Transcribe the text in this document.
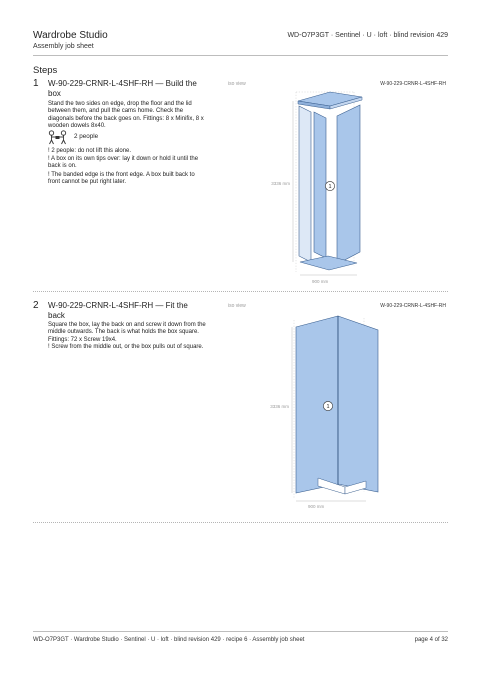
Wardrobe Studio
Assembly job sheet
WD-O7P3GT · Sentinel · U · loft · blind revision 429
Steps
1 W-90-229-CRNR-L-4SHF-RH — Build the box
Stand the two sides on edge, drop the floor and the lid between them, and pull the cams home. Check the diagonals before the back goes on. Fittings: 8 x Minifix, 8 x wooden dowels 8x40.
2 people
! 2 people: do not lift this alone.
! A box on its own tips over: lay it down or hold it until the back is on.
! The banded edge is the front edge. A box built back to front cannot be put right later.
iso view	W-90-229-CRNR-L-4SHF-RH
3336 mm
900 mm
1
2 W-90-229-CRNR-L-4SHF-RH — Fit the back
Square the box, lay the back on and screw it down from the middle outwards. The back is what holds the box square. Fittings: 72 x Screw 19x4.
! Screw from the middle out, or the box pulls out of square.
iso view	W-90-229-CRNR-L-4SHF-RH
3336 mm
900 mm
1
WD-O7P3GT · Wardrobe Studio · Sentinel · U · loft · blind revision 429 · recipe 6 · Assembly job sheet	page 4 of 32
